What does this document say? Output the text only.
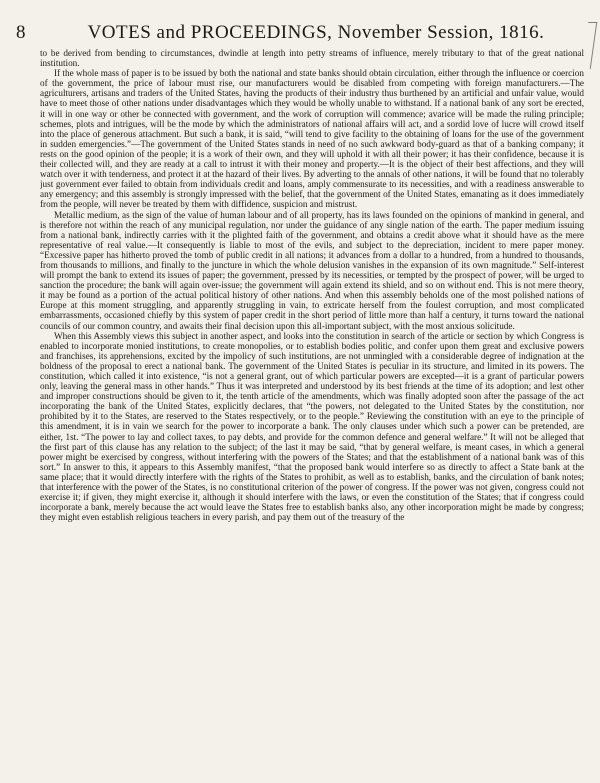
8	VOTES and PROCEEDINGS, November Session, 1816.

to be derived from bending to circumstances, dwindle at length into petty streams of influence, merely tributary to that of the great national institution.

If the whole mass of paper is to be issued by both the national and state banks should obtain circulation, either through the influence or coercion of the government, the price of labour must rise, our manufacturers would be disabled from competing with foreign manufacturers.—The agriculturers, artisans and traders of the United States, having the products of their industry thus burthened by an artificial and unfair value, would have to meet those of other nations under disadvantages which they would be wholly unable to withstand. If a national bank of any sort be erected, it will in one way or other be connected with government, and the work of corruption will commence; avarice will be made the ruling principle; schemes, plots and intrigues, will be the mode by which the administrators of national affairs will act, and a sordid love of lucre will crowd itself into the place of generous attachment. But such a bank, it is said, “will tend to give facility to the obtaining of loans for the use of the government in sudden emergencies.”—The government of the United States stands in need of no such awkward body-guard as that of a banking company; it rests on the good opinion of the people; it is a work of their own, and they will uphold it with all their power; it has their confidence, because it is their collected will, and they are ready at a call to intrust it with their money and property.—It is the object of their best affections, and they will watch over it with tenderness, and protect it at the hazard of their lives. By adverting to the annals of other nations, it will be found that no tolerably just government ever failed to obtain from individuals credit and loans, amply commensurate to its necessities, and with a readiness answerable to any emergency; and this assembly is strongly impressed with the belief, that the government of the United States, emanating as it does immediately from the people, will never be treated by them with diffidence, suspicion and mistrust.

Metallic medium, as the sign of the value of human labour and of all property, has its laws founded on the opinions of mankind in general, and is therefore not within the reach of any municipal regulation, nor under the guidance of any single nation of the earth. The paper medium issuing from a national bank, indirectly carries with it the plighted faith of the government, and obtains a credit above what it should have as the mere representative of real value.—It consequently is liable to most of the evils, and subject to the depreciation, incident to mere paper money. “Excessive paper has hitherto proved the tomb of public credit in all nations; it advances from a dollar to a hundred, from a hundred to thousands, from thousands to millions, and finally to the juncture in which the whole delusion vanishes in the expansion of its own magnitude.” Self-interest will prompt the bank to extend its issues of paper; the government, pressed by its necessities, or tempted by the prospect of power, will be urged to sanction the procedure; the bank will again over-issue; the government will again extend its shield, and so on without end. This is not mere theory, it may be found as a portion of the actual political history of other nations. And when this assembly beholds one of the most polished nations of Europe at this moment struggling, and apparently struggling in vain, to extricate herself from the foulest corruption, and most complicated embarrassments, occasioned chiefly by this system of paper credit in the short period of little more than half a century, it turns toward the national councils of our common country, and awaits their final decision upon this all-important subject, with the most anxious solicitude.

When this Assembly views this subject in another aspect, and looks into the constitution in search of the article or section by which Congress is enabled to incorporate monied institutions, to create monopolies, or to establish bodies politic, and confer upon them great and exclusive powers and franchises, its apprehensions, excited by the impolicy of such institutions, are not unmingled with a considerable degree of indignation at the boldness of the proposal to erect a national bank. The government of the United States is peculiar in its structure, and limited in its powers. The constitution, which called it into existence, “is not a general grant, out of which particular powers are excepted—it is a grant of particular powers only, leaving the general mass in other hands.” Thus it was interpreted and understood by its best friends at the time of its adoption; and lest other and improper constructions should be given to it, the tenth article of the amendments, which was finally adopted soon after the passage of the act incorporating the bank of the United States, explicitly declares, that “the powers, not delegated to the United States by the constitution, nor prohibited by it to the States, are reserved to the States respectively, or to the people.” Reviewing the constitution with an eye to the principle of this amendment, it is in vain we search for the power to incorporate a bank. The only clauses under which such a power can be pretended, are either, 1st. “The power to lay and collect taxes, to pay debts, and provide for the common defence and general welfare.” It will not be alleged that the first part of this clause has any relation to the subject; of the last it may be said, “that by general welfare, is meant cases, in which a general power might be exercised by congress, without interfering with the powers of the States; and that the establishment of a national bank was of this sort.” In answer to this, it appears to this Assembly manifest, “that the proposed bank would interfere so as directly to affect a State bank at the same place; that it would directly interfere with the rights of the States to prohibit, as well as to establish, banks, and the circulation of bank notes; that interference with the power of the States, is no constitutional criterion of the power of congress. If the power was not given, congress could not exercise it; if given, they might exercise it, although it should interfere with the laws, or even the constitution of the States; that if congress could incorporate a bank, merely because the act would leave the States free to establish banks also, any other incorporation might be made by congress; they might even establish religious teachers in every parish, and pay them out of the treasury of the
